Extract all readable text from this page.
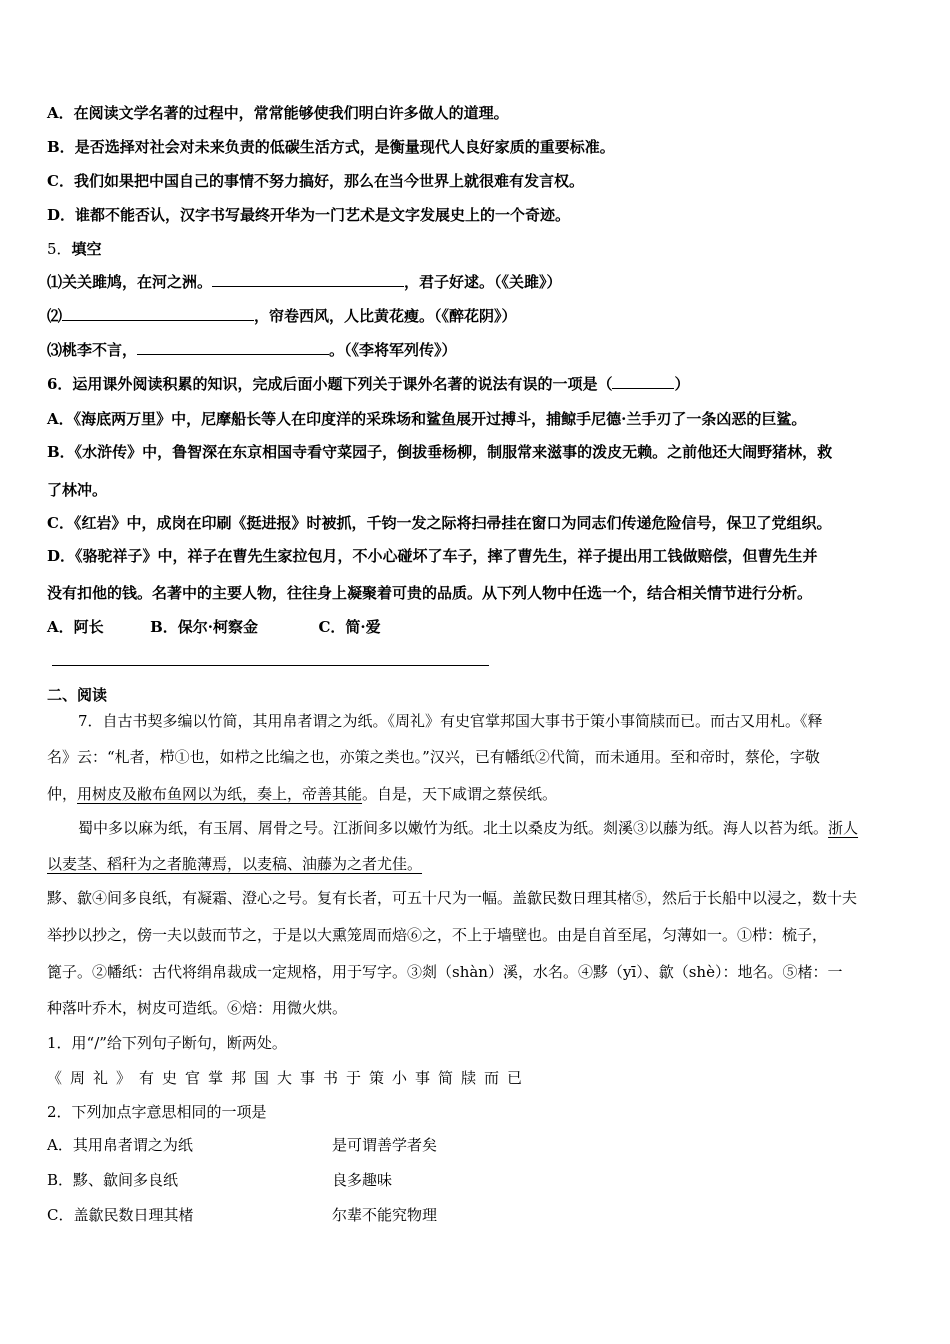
A．在阅读文学名著的过程中，常常能够使我们明白许多做人的道理。
B．是否选择对社会对未来负责的低碳生活方式，是衡量现代人良好家质的重要标准。
C．我们如果把中国自己的事情不努力搞好，那么在当今世界上就很难有发言权。
D．谁都不能否认，汉字书写最终开华为一门艺术是文字发展史上的一个奇迹。
5．填空
⑴关关雎鸠，在河之洲。	，君子好逑。（《关雎》）
⑵	，帘卷西风，人比黄花瘦。（《醉花阴》）
⑶桃李不言，	。（《李将军列传》）
6．运用课外阅读积累的知识，完成后面小题下列关于课外名著的说法有误的一项是（	）
A．《海底两万里》中，尼摩船长等人在印度洋的采珠场和鲨鱼展开过搏斗，捕鲸手尼德·兰手刃了一条凶恶的巨鲨。
B．《水浒传》中，鲁智深在东京相国寺看守菜园子，倒拔垂杨柳，制服常来滋事的泼皮无赖。之前他还大闹野猪林，救
了林冲。
C．《红岩》中，成岗在印刷《挺进报》时被抓，千钧一发之际将扫帚挂在窗口为同志们传递危险信号，保卫了党组织。
D．《骆驼祥子》中，祥子在曹先生家拉包月，不小心碰坏了车子，摔了曹先生，祥子提出用工钱做赔偿，但曹先生并
没有扣他的钱。名著中的主要人物，往往身上凝聚着可贵的品质。从下列人物中任选一个，结合相关情节进行分析。
A．阿长	B．保尔·柯察金	C．简·爱
二、阅读
7．自古书契多编以竹简，其用帛者谓之为纸。《周礼》有史官掌邦国大事书于策小事简牍而已。而古又用札。《释
名》云：“札者，栉①也，如栉之比编之也，亦策之类也。”汉兴，已有幡纸②代简，而未通用。至和帝时，蔡伦，字敬
仲，用树皮及敝布鱼网以为纸，奏上，帝善其能。自是，天下咸谓之蔡侯纸。
蜀中多以麻为纸，有玉屑、屑骨之号。江浙间多以嫩竹为纸。北土以桑皮为纸。剡溪③以藤为纸。海人以苔为纸。浙人
以麦茎、稻秆为之者脆薄焉，以麦稿、油藤为之者尤佳。
黟、歙④间多良纸，有凝霜、澄心之号。复有长者，可五十尺为一幅。盖歙民数日理其楮⑤，然后于长船中以浸之，数十夫
举抄以抄之，傍一夫以鼓而节之，于是以大熏笼周而焙⑥之，不上于墙壁也。由是自首至尾，匀薄如一。①栉：梳子，
篦子。②幡纸：古代将绢帛裁成一定规格，用于写字。③剡（shàn）溪，水名。④黟（yī）、歙（shè）：地名。⑤楮：一
种落叶乔木，树皮可造纸。⑥焙：用微火烘。
1．用“/”给下列句子断句，断两处。
《周礼》有史官掌邦国大事书于策小事简牍而已
2．下列加点字意思相同的一项是
A．其用帛者谓之为纸	是可谓善学者矣
B．黟、歙间多良纸	良多趣味
C．盖歙民数日理其楮	尔辈不能究物理
